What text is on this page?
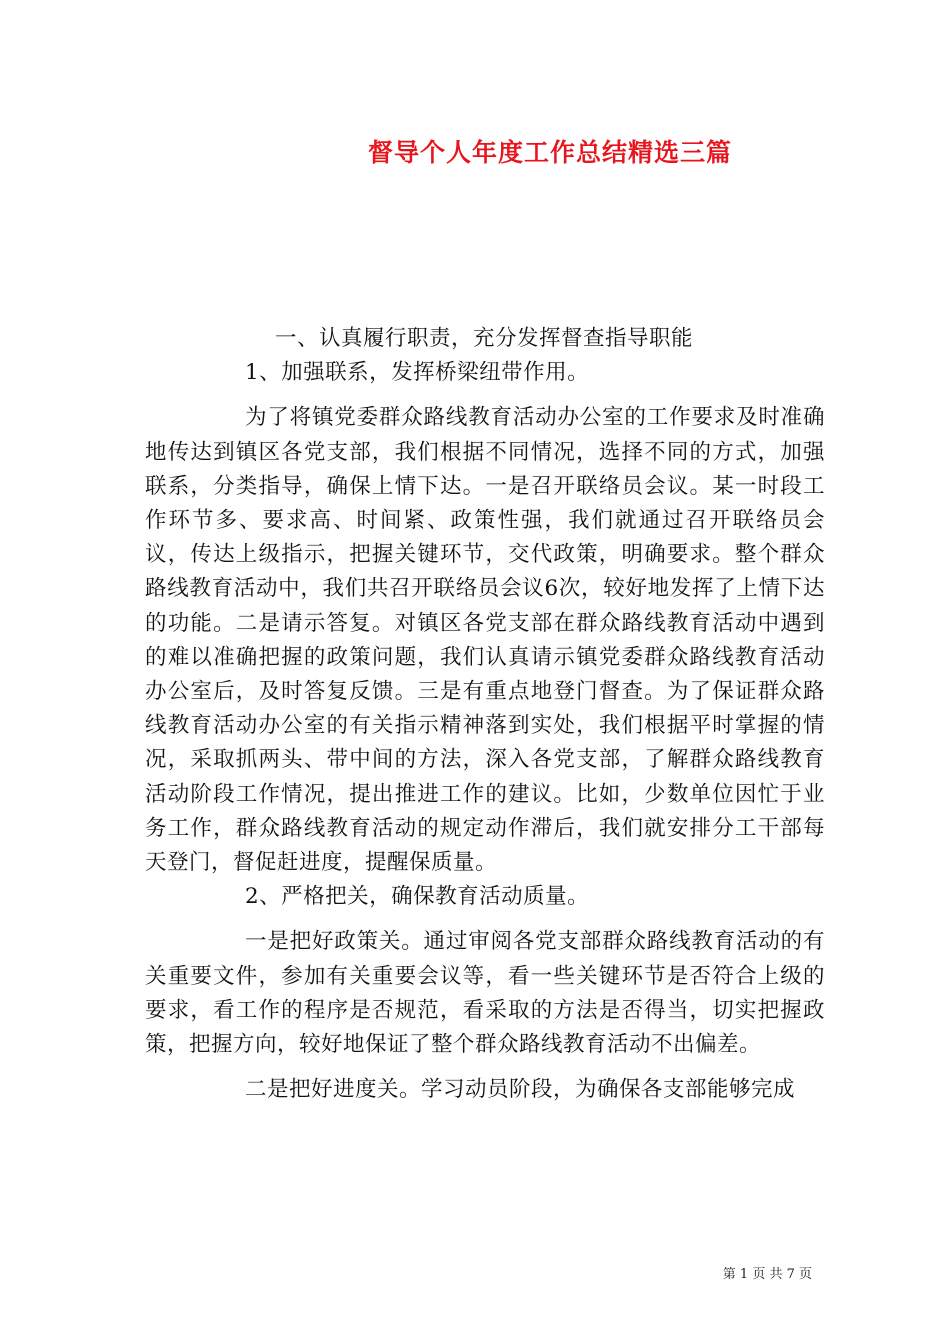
督导个人年度工作总结精选三篇

一、认真履行职责，充分发挥督查指导职能

1、加强联系，发挥桥梁纽带作用。

为了将镇党委群众路线教育活动办公室的工作要求及时准确地传达到镇区各党支部，我们根据不同情况，选择不同的方式，加强联系，分类指导，确保上情下达。一是召开联络员会议。某一时段工作环节多、要求高、时间紧、政策性强，我们就通过召开联络员会议，传达上级指示，把握关键环节，交代政策，明确要求。整个群众路线教育活动中，我们共召开联络员会议6次，较好地发挥了上情下达的功能。二是请示答复。对镇区各党支部在群众路线教育活动中遇到的难以准确把握的政策问题，我们认真请示镇党委群众路线教育活动办公室后，及时答复反馈。三是有重点地登门督查。为了保证群众路线教育活动办公室的有关指示精神落到实处，我们根据平时掌握的情况，采取抓两头、带中间的方法，深入各党支部，了解群众路线教育活动阶段工作情况，提出推进工作的建议。比如，少数单位因忙于业务工作，群众路线教育活动的规定动作滞后，我们就安排分工干部每天登门，督促赶进度，提醒保质量。

2、严格把关，确保教育活动质量。

一是把好政策关。通过审阅各党支部群众路线教育活动的有关重要文件，参加有关重要会议等，看一些关键环节是否符合上级的要求，看工作的程序是否规范，看采取的方法是否得当，切实把握政策，把握方向，较好地保证了整个群众路线教育活动不出偏差。

二是把好进度关。学习动员阶段，为确保各支部能够完成

第 1 页 共 7 页
